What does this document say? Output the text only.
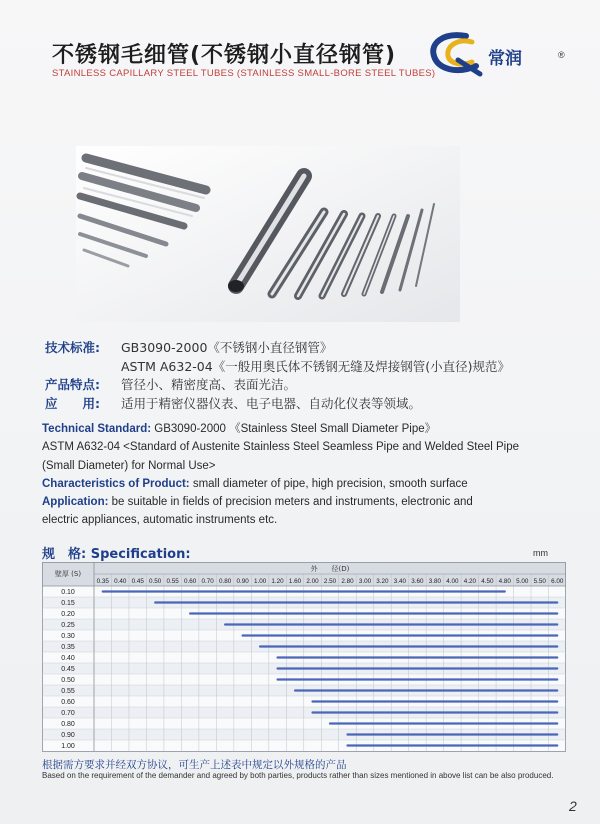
不锈钢毛细管(不锈钢小直径钢管)
STAINLESS CAPILLARY STEEL TUBES (STAINLESS SMALL-BORE STEEL TUBES)
常润	®
技术标准:	GB3090-2000《不锈钢小直径钢管》
ASTM A632-04《一般用奥氏体不锈钢无缝及焊接钢管(小直径)规范》
产品特点:	管径小、精密度高、表面光洁。
应　　用:	适用于精密仪器仪表、电子电器、自动化仪表等领域。
Technical Standard: GB3090-2000 《Stainless Steel Small Diameter Pipe》
ASTM A632-04 <Standard of Austenite Stainless Steel Seamless Pipe and Welded Steel Pipe
(Small Diameter) for Normal Use>
Characteristics of Product: small diameter of pipe, high precision, smooth surface
Application: be suitable in fields of precision meters and instruments, electronic and
electric appliances, automatic instruments etc.
规　格: Specification:	mm
壁厚 (S)
外　　径(D)
0.35 0.40 0.45 0.50 0.55 0.60 0.70 0.80 0.90 1.00 1.20 1.60 2.00 2.50 2.80 3.00 3.20 3.40 3.60 3.80 4.00 4.20 4.50 4.80 5.00 5.50 6.00
0.10
0.15
0.20
0.25
0.30
0.35
0.40
0.45
0.50
0.55
0.60
0.70
0.80
0.90
1.00
根据需方要求并经双方协议，可生产上述表中规定以外规格的产品
Based on the requirement of the demander and agreed by both parties, products rather than sizes mentioned in above list can be also produced.
2
